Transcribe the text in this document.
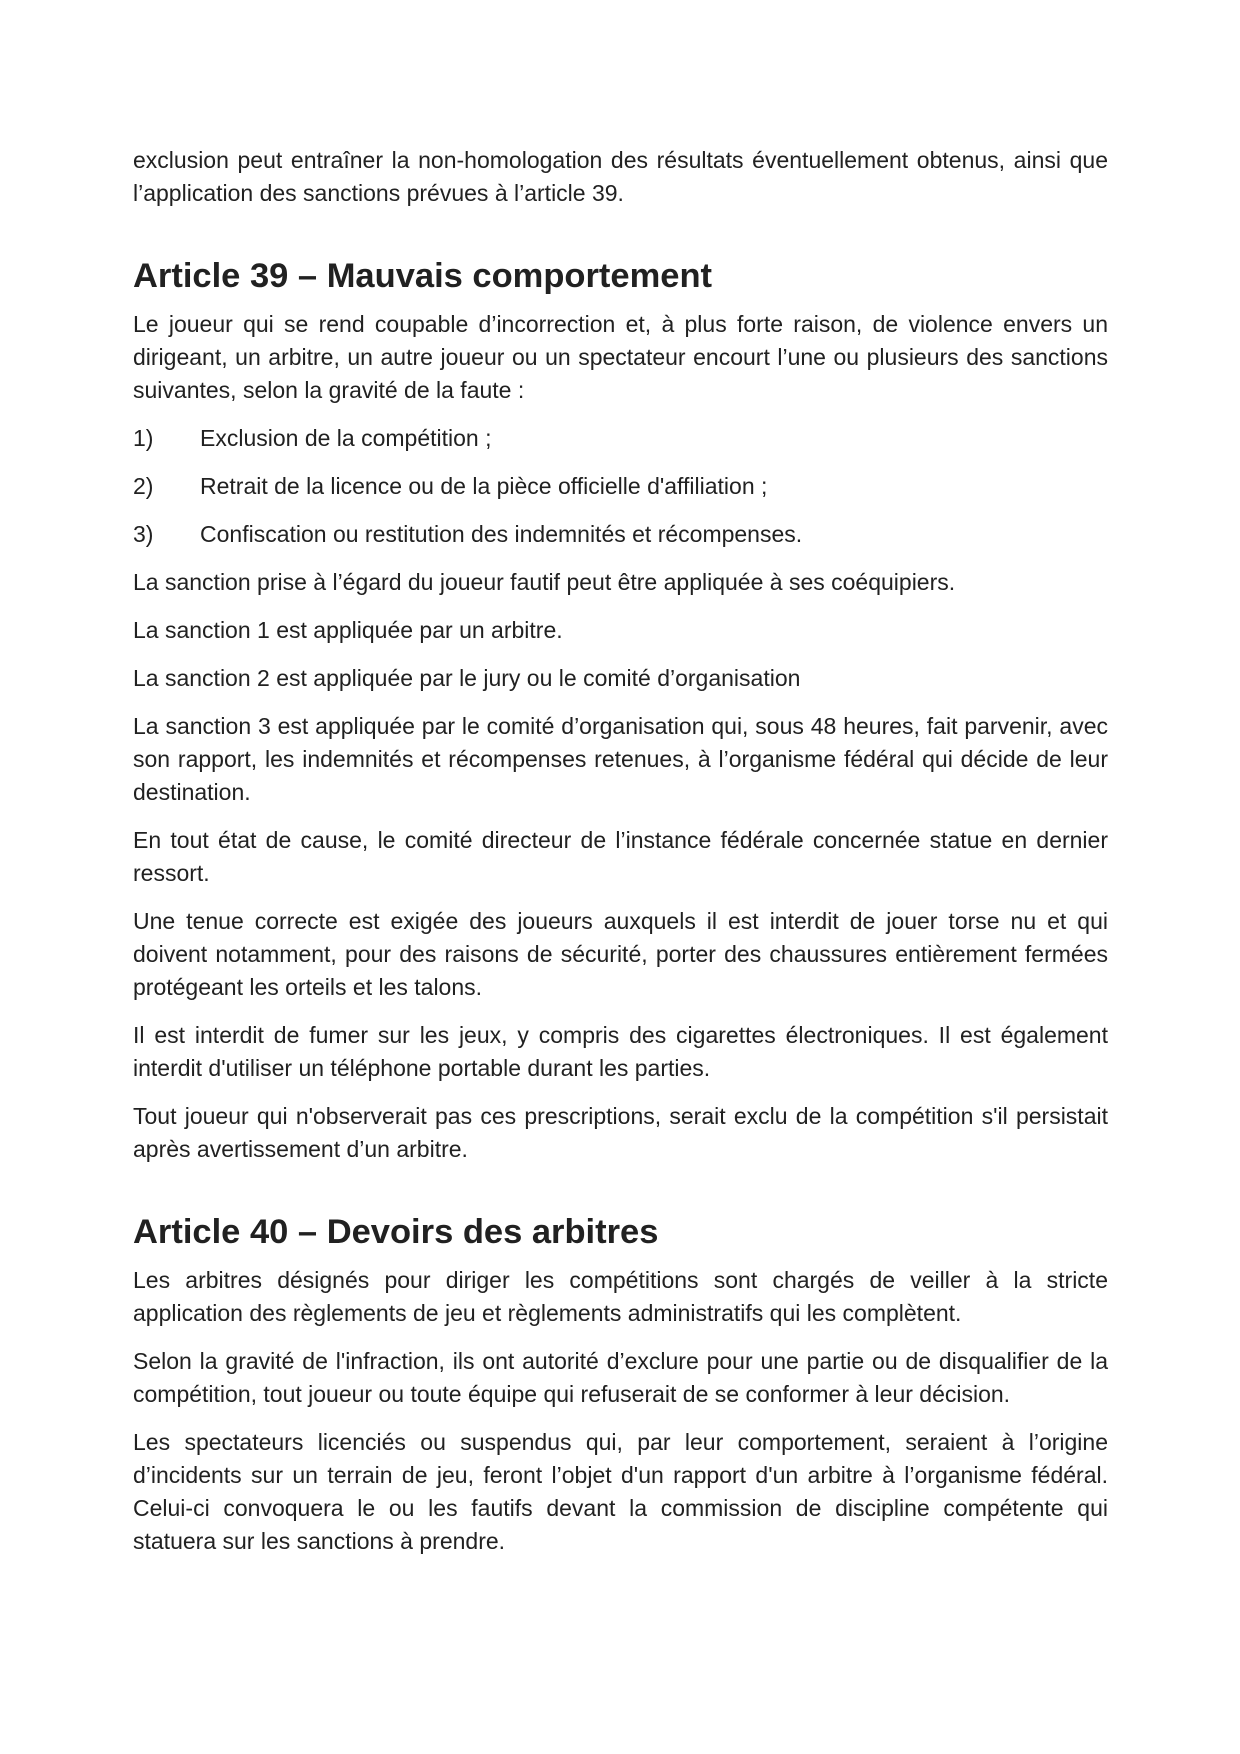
exclusion peut entraîner la non-homologation des résultats éventuellement obtenus, ainsi que l’application des sanctions prévues à l’article 39.

Article 39 – Mauvais comportement

Le joueur qui se rend coupable d’incorrection et, à plus forte raison, de violence envers un dirigeant, un arbitre, un autre joueur ou un spectateur encourt l’une ou plusieurs des sanctions suivantes, selon la gravité de la faute :

1)	Exclusion de la compétition ;
2)	Retrait de la licence ou de la pièce officielle d'affiliation ;
3)	Confiscation ou restitution des indemnités et récompenses.

La sanction prise à l’égard du joueur fautif peut être appliquée à ses coéquipiers.

La sanction 1 est appliquée par un arbitre.

La sanction 2 est appliquée par le jury ou le comité d’organisation

La sanction 3 est appliquée par le comité d’organisation qui, sous 48 heures, fait parvenir, avec son rapport, les indemnités et récompenses retenues, à l’organisme fédéral qui décide de leur destination.

En tout état de cause, le comité directeur de l’instance fédérale concernée statue en dernier ressort.

Une tenue correcte est exigée des joueurs auxquels il est interdit de jouer torse nu et qui doivent notamment, pour des raisons de sécurité, porter des chaussures entièrement fermées protégeant les orteils et les talons.

Il est interdit de fumer sur les jeux, y compris des cigarettes électroniques. Il est également interdit d'utiliser un téléphone portable durant les parties.

Tout joueur qui n'observerait pas ces prescriptions, serait exclu de la compétition s'il persistait après avertissement d’un arbitre.

Article 40 – Devoirs des arbitres

Les arbitres désignés pour diriger les compétitions sont chargés de veiller à la stricte application des règlements de jeu et règlements administratifs qui les complètent.

Selon la gravité de l'infraction, ils ont autorité d’exclure pour une partie ou de disqualifier de la compétition, tout joueur ou toute équipe qui refuserait de se conformer à leur décision.

Les spectateurs licenciés ou suspendus qui, par leur comportement, seraient à l’origine d’incidents sur un terrain de jeu, feront l’objet d'un rapport d'un arbitre à l’organisme fédéral. Celui-ci convoquera le ou les fautifs devant la commission de discipline compétente qui statuera sur les sanctions à prendre.
